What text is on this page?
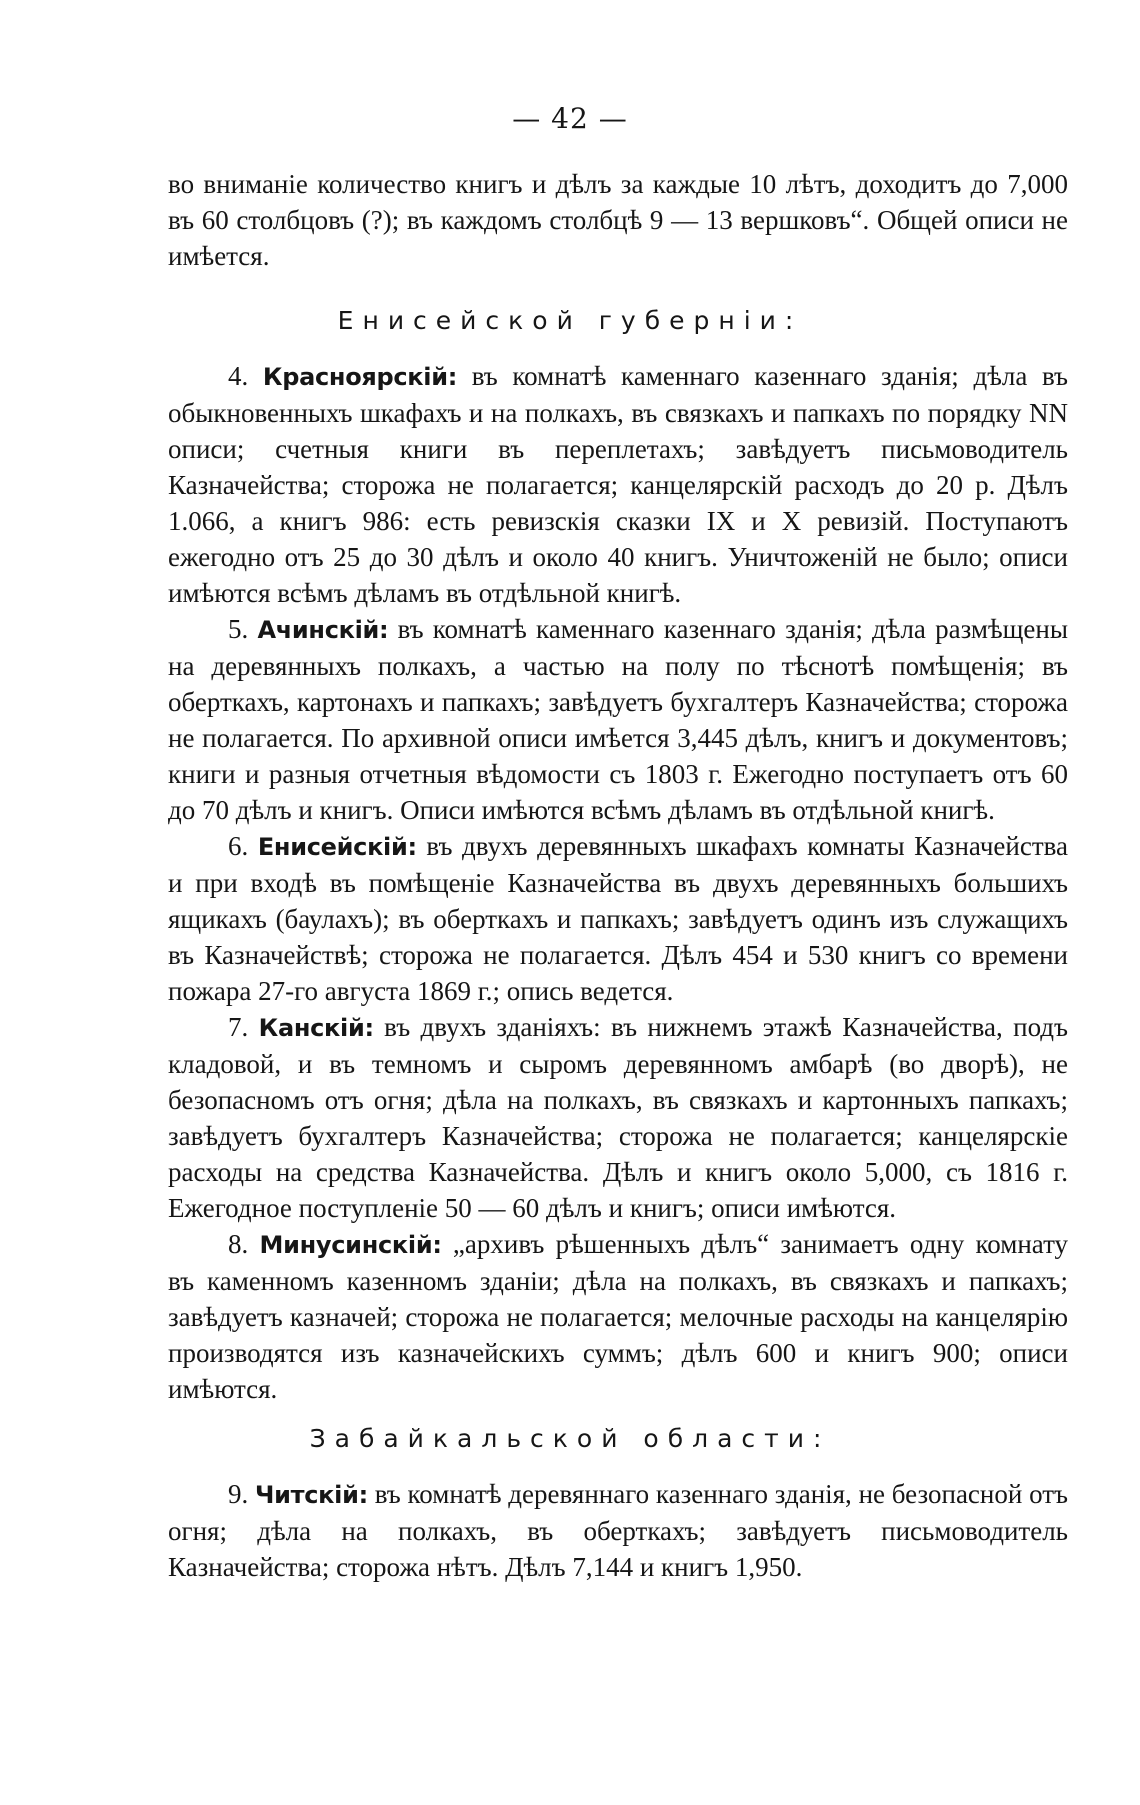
— 42 —

во вниманіе количество книгъ и дѣлъ за каждые 10 лѣтъ, доходитъ до 7,000 въ 60 столбцовъ (?); въ каждомъ столбцѣ 9 — 13 вершковъ“. Общей описи не имѣется.

Енисейской губерніи:

4. Красноярскій: въ комнатѣ каменнаго казеннаго зданія; дѣла въ обыкновенныхъ шкафахъ и на полкахъ, въ связкахъ и папкахъ по порядку NN описи; счетныя книги въ переплетахъ; завѣдуетъ письмоводитель Казначейства; сторожа не полагается; канцелярскій расходъ до 20 р. Дѣлъ 1.066, а книгъ 986: есть ревизскія сказки IX и X ревизій. Поступаютъ ежегодно отъ 25 до 30 дѣлъ и около 40 книгъ. Уничтоженій не было; описи имѣются всѣмъ дѣламъ въ отдѣльной книгѣ.

5. Ачинскій: въ комнатѣ каменнаго казеннаго зданія; дѣла размѣщены на деревянныхъ полкахъ, а частью на полу по тѣснотѣ помѣщенія; въ оберткахъ, картонахъ и папкахъ; завѣдуетъ бухгалтеръ Казначейства; сторожа не полагается. По архивной описи имѣется 3,445 дѣлъ, книгъ и документовъ; книги и разныя отчетныя вѣдомости съ 1803 г. Ежегодно поступаетъ отъ 60 до 70 дѣлъ и книгъ. Описи имѣются всѣмъ дѣламъ въ отдѣльной книгѣ.

6. Енисейскій: въ двухъ деревянныхъ шкафахъ комнаты Казначейства и при входѣ въ помѣщеніе Казначейства въ двухъ деревянныхъ большихъ ящикахъ (баулахъ); въ оберткахъ и папкахъ; завѣдуетъ одинъ изъ служащихъ въ Казначействѣ; сторожа не полагается. Дѣлъ 454 и 530 книгъ со времени пожара 27-го августа 1869 г.; опись ведется.

7. Канскій: въ двухъ зданіяхъ: въ нижнемъ этажѣ Казначейства, подъ кладовой, и въ темномъ и сыромъ деревянномъ амбарѣ (во дворѣ), не безопасномъ отъ огня; дѣла на полкахъ, въ связкахъ и картонныхъ папкахъ; завѣдуетъ бухгалтеръ Казначейства; сторожа не полагается; канцелярскіе расходы на средства Казначейства. Дѣлъ и книгъ около 5,000, съ 1816 г. Ежегодное поступленіе 50 — 60 дѣлъ и книгъ; описи имѣются.

8. Минусинскій: „архивъ рѣшенныхъ дѣлъ“ занимаетъ одну комнату въ каменномъ казенномъ зданіи; дѣла на полкахъ, въ связкахъ и папкахъ; завѣдуетъ казначей; сторожа не полагается; мелочные расходы на канцелярію производятся изъ казначейскихъ суммъ; дѣлъ 600 и книгъ 900; описи имѣются.

Забайкальской области:

9. Читскій: въ комнатѣ деревяннаго казеннаго зданія, не безопасной отъ огня; дѣла на полкахъ, въ оберткахъ; завѣдуетъ письмоводитель Казначейства; сторожа нѣтъ. Дѣлъ 7,144 и книгъ 1,950.
